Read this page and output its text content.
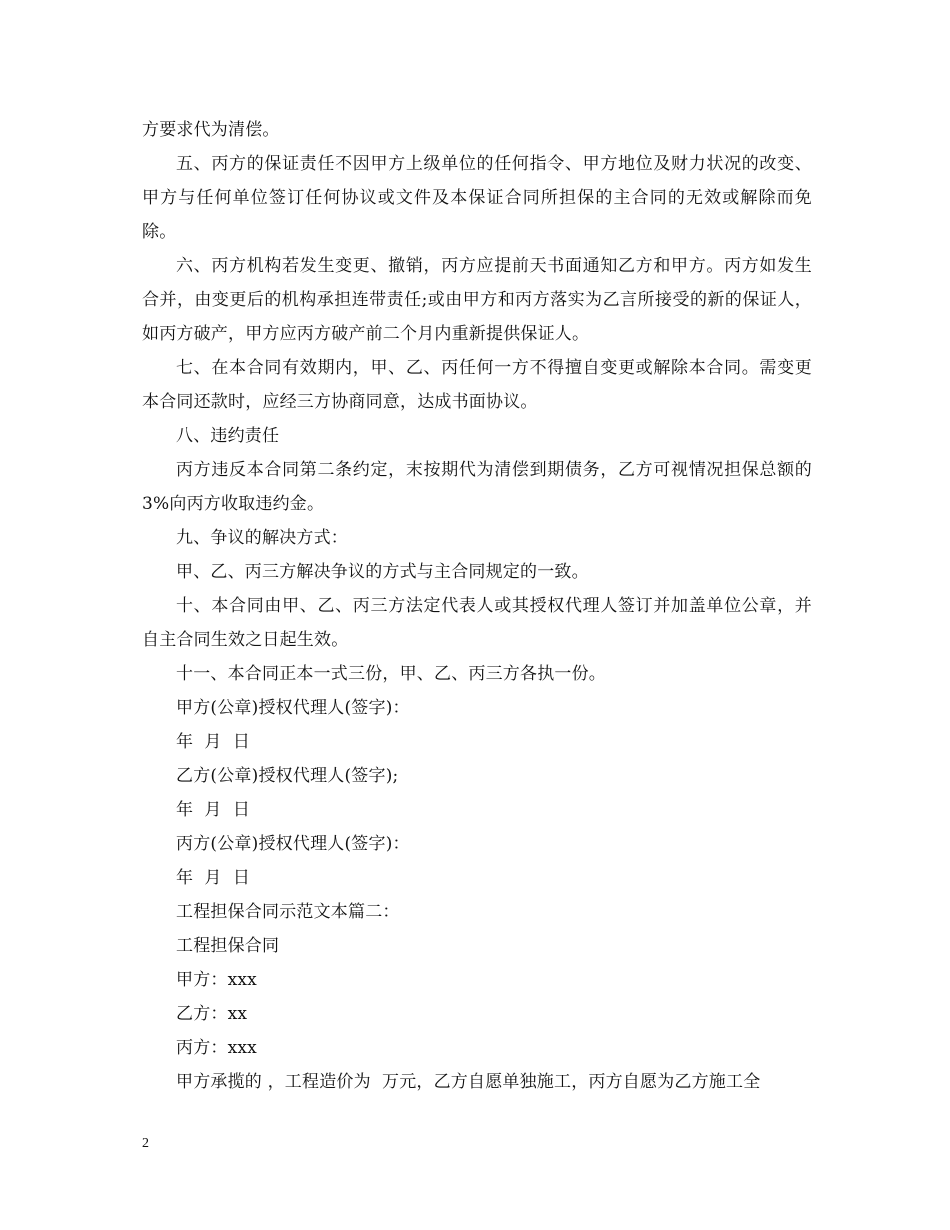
方要求代为清偿。

五、丙方的保证责任不因甲方上级单位的任何指令、甲方地位及财力状况的改变、甲方与任何单位签订任何协议或文件及本保证合同所担保的主合同的无效或解除而免除。

六、丙方机构若发生变更、撤销，丙方应提前天书面通知乙方和甲方。丙方如发生合并，由变更后的机构承担连带责任;或由甲方和丙方落实为乙言所接受的新的保证人，如丙方破产，甲方应丙方破产前二个月内重新提供保证人。

七、在本合同有效期内，甲、乙、丙任何一方不得擅自变更或解除本合同。需变更本合同还款时，应经三方协商同意，达成书面协议。

八、违约责任

丙方违反本合同第二条约定，末按期代为清偿到期债务，乙方可视情况担保总额的 3%向丙方收取违约金。

九、争议的解决方式：

甲、乙、丙三方解决争议的方式与主合同规定的一致。

十、本合同由甲、乙、丙三方法定代表人或其授权代理人签订并加盖单位公章，并自主合同生效之日起生效。

十一、本合同正本一式三份，甲、乙、丙三方各执一份。

甲方(公章)授权代理人(签字)：

年  月  日

乙方(公章)授权代理人(签字);

年  月  日

丙方(公章)授权代理人(签字)：

年  月  日

工程担保合同示范文本篇二：

工程担保合同

甲方：xxx

乙方：xx

丙方：xxx

甲方承揽的 ，工程造价为  万元，乙方自愿单独施工，丙方自愿为乙方施工全

2
